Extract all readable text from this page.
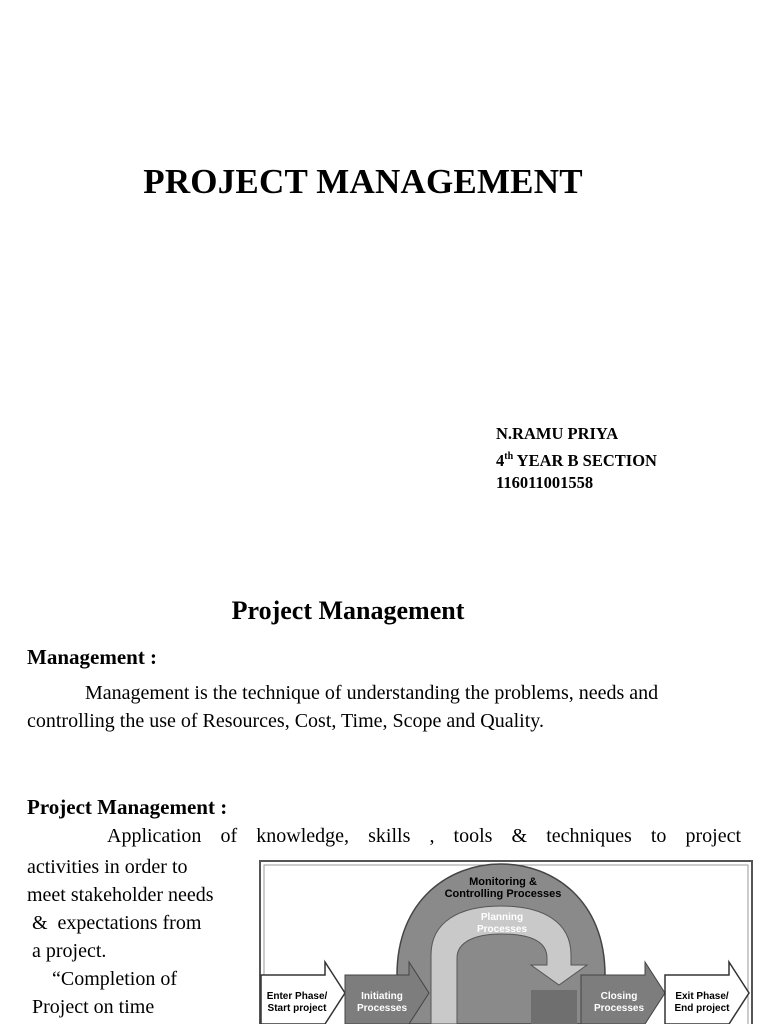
PROJECT MANAGEMENT
N.RAMU PRIYA
4th YEAR B SECTION
116011001558
Project Management
Management :
Management is the technique of understanding the problems, needs and controlling the use of Resources, Cost, Time, Scope and Quality.
Project Management :
Application of knowledge, skills , tools & techniques to project
activities in order to
meet stakeholder needs
&  expectations from
a project.
“Completion of
Project on time
Monitoring &
Controlling Processes
Planning
Processes
Enter Phase/
Start project
Initiating
Processes
Closing
Processes
Exit Phase/
End project
